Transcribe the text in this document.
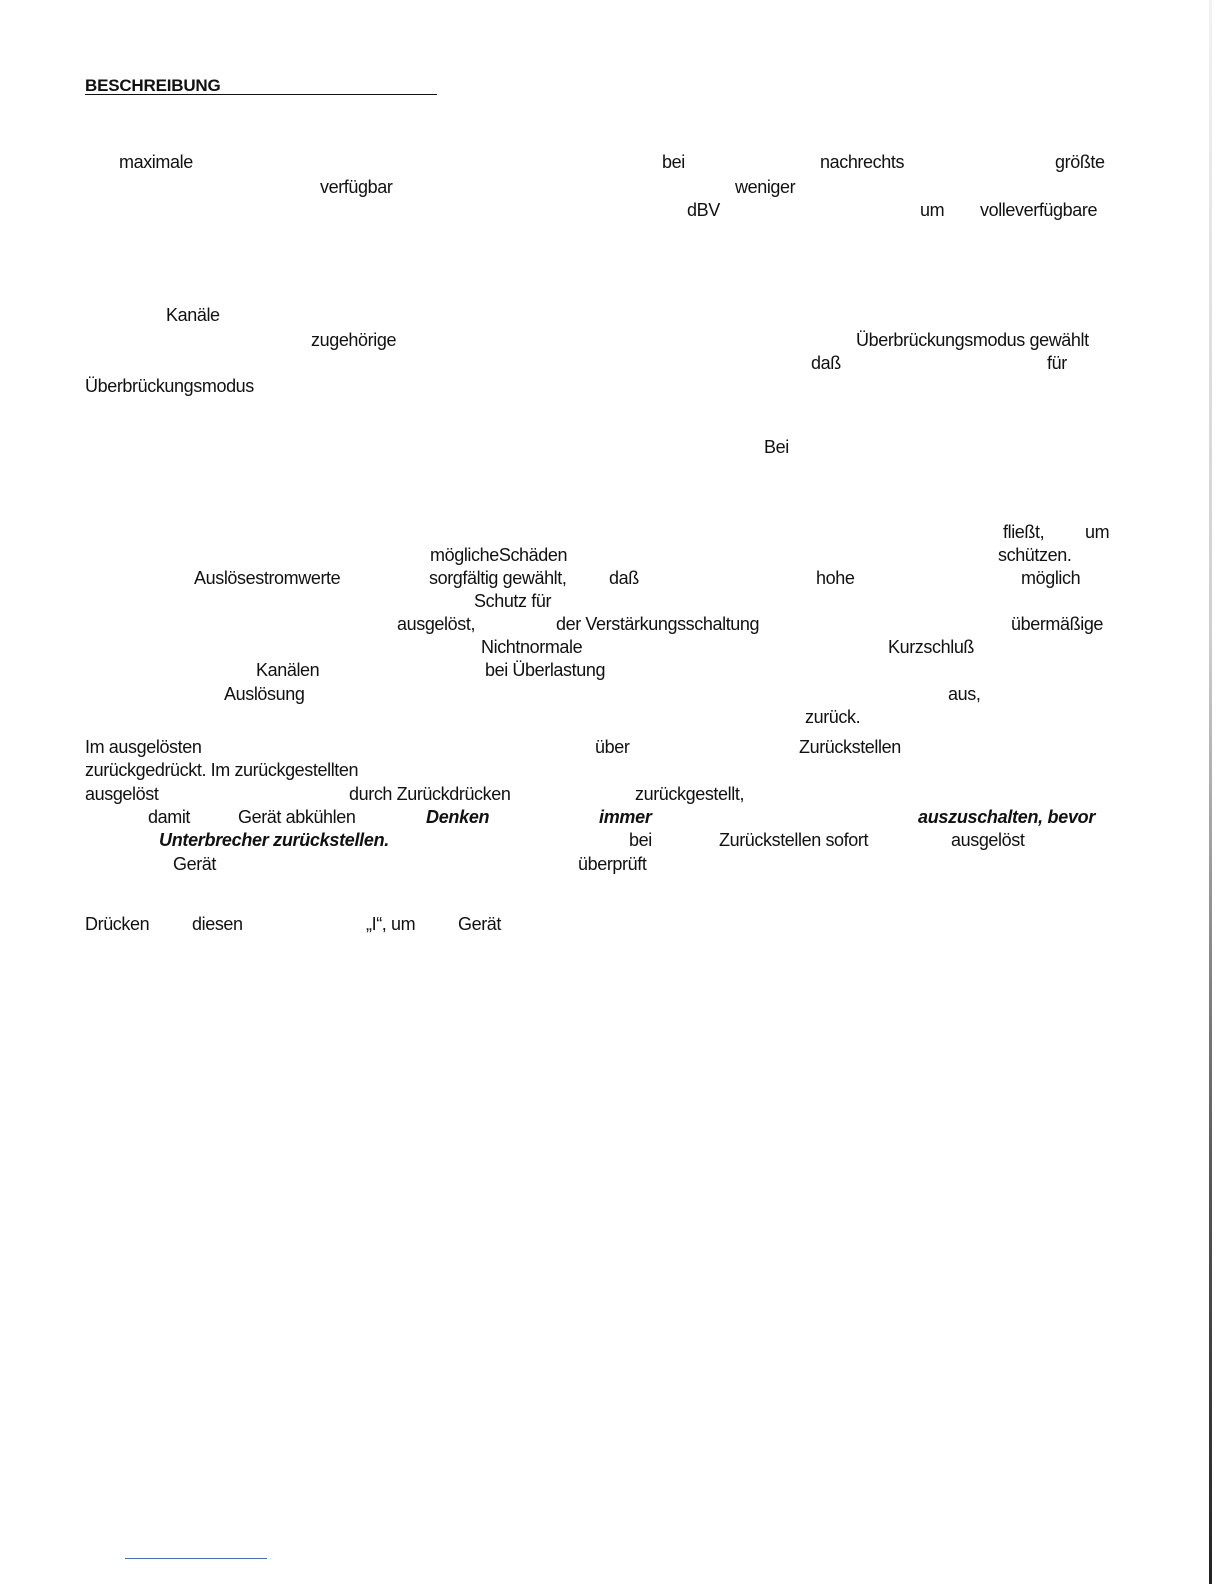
BESCHREIBUNG
maximale	bei	nachrechts	größte
verfügbar	weniger
dBV	um volleverfügbare
Kanäle
zugehörige	Überbrückungsmodus gewählt
daß	für
Überbrückungsmodus
Bei
fließt, um
möglicheSchäden	schützen.
Auslösestromwerte	sorgfältig gewählt, daß	hohe	möglich
Schutz für
ausgelöst,	der Verstärkungsschaltung	übermäßige
Nichtnormale	Kurzschluß
Kanälen	bei Überlastung
Auslösung	aus,
zurück.
Im ausgelösten	über	Zurückstellen
zurückgedrückt. Im zurückgestellten
ausgelöst	durch Zurückdrücken	zurückgestellt,
damit	Gerät abkühlen	Denken	immer	auszuschalten, bevor
Unterbrecher zurückstellen.	bei	Zurückstellen sofort	ausgelöst
Gerät	überprüft
Drücken diesen	„I“, um Gerät
